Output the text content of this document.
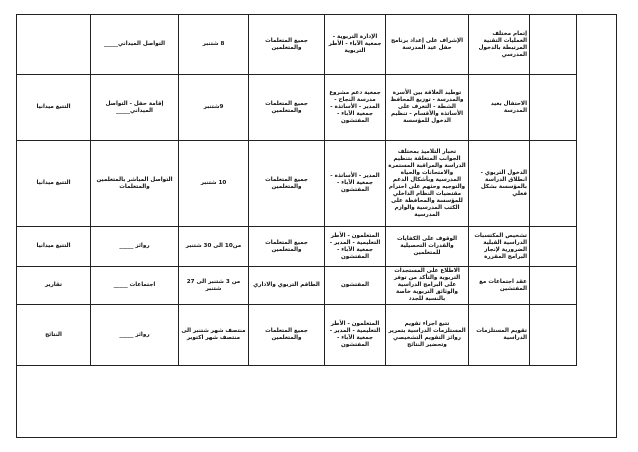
	إتمام مختلف العمليات التقنية المرتبطة بالدخول المدرسي	الإشراف على إعداد برنامج حفل عيد المدرسة	الإدارة التربوية - جمعية الآباء - الأطر التربوية	جميع المتعلمات والمتعلمين	8 شتنبر	التواصل الميداني_____	
	الاحتفال بعيد المدرسة	توطيد العلاقة بين الأسرة والمدرسة - توزيع المحافظ الشطة - التعرف على الأساتذة والأقسام - تنظيم الدخول للمؤسسة	جمعية دعم مشروع مدرسة النجاح - المدير - الأساتذة - جمعية الآباء - المفتشون	جميع المتعلمات والمتعلمين	9شتنبر	إقامة حفل - التواصل الميداني_____	التتبع ميدانيا
	الدخول التربوي - انطلاق الدراسة بالمؤسسة بشكل فعلي	تخبار التلاميذ بمختلف الجوانب المتعلقة بتنظيم الدراسة والمراقبة المستمرة والامتحانات والحياة المدرسية وبأشكال الدعم والتوجيه وحثهم على احترام مقتضيات النظام الداخلي للمؤسسة والمحافظة على الكتب المدرسية والوازم المدرسية	المدير - الأساتذة - جمعية الآباء - المفتشون	جميع المتعلمات والمتعلمين	10 شتنبر	التواصل المباشر بالمتعلمين والمتعلمات	التتبع ميدانيا
	تشخيص المكتسبات الدراسية القبلية الضرورية لإنجاز البرامج المقررة	الوقوف على الكفايات والقدرات التحصيلية للمتعلمين	المتعلمون - الأطر التعليمية - المدير - جمعية الآباء - المفتشون	جميع المتعلمات والمتعلمين	من10 الى 30 شتنبر	روائز _____	التتبع ميدانيا
	عقد اجتماعات مع المفتشين	الاطلاع على المستجدات التربوية والتأكد من توفر على البرامج الدراسية والوثائق التربوية خاصة بالنسبة للجدد	المفتشون	الطاقم التربوي والاداري	من 3 شتنبر الى 27 شتنبر	اجتماعات _____	تقارير
	تقويم المستلزمات الدراسية	تتبع اجراء تقويم المستلزمات الدراسية بتمرير روائز التقويم التشخيصي وتحضير النتائج	المتعلمون - الأطر التعليمية - المدير - جمعية الآباء - المفتشون	جميع المتعلمات والمتعلمين	منتصف شهر شتنبر الى منتصف شهر اكتوبر	روائز _____	النتائج
